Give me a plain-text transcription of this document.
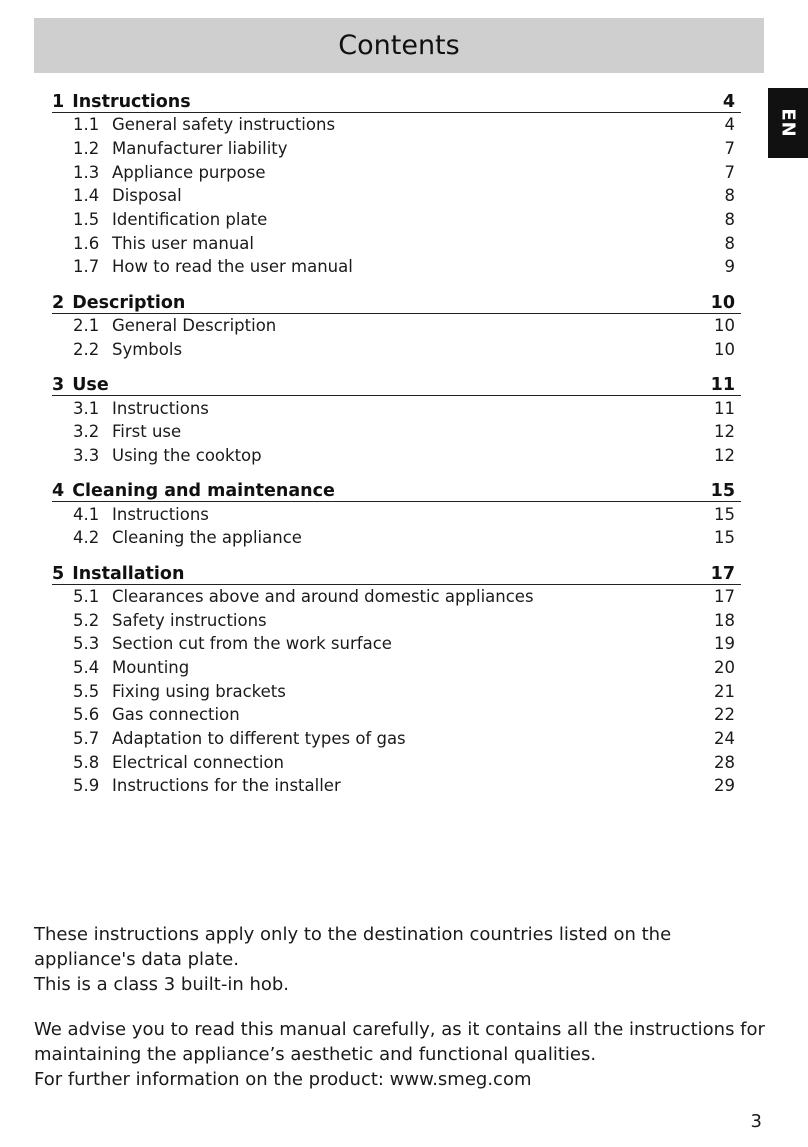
Contents
EN
1 Instructions	4
1.1 General safety instructions	4
1.2 Manufacturer liability	7
1.3 Appliance purpose	7
1.4 Disposal	8
1.5 Identification plate	8
1.6 This user manual	8
1.7 How to read the user manual	9
2 Description	10
2.1 General Description	10
2.2 Symbols	10
3 Use	11
3.1 Instructions	11
3.2 First use	12
3.3 Using the cooktop	12
4 Cleaning and maintenance	15
4.1 Instructions	15
4.2 Cleaning the appliance	15
5 Installation	17
5.1 Clearances above and around domestic appliances	17
5.2 Safety instructions	18
5.3 Section cut from the work surface	19
5.4 Mounting	20
5.5 Fixing using brackets	21
5.6 Gas connection	22
5.7 Adaptation to different types of gas	24
5.8 Electrical connection	28
5.9 Instructions for the installer	29

These instructions apply only to the destination countries listed on the appliance's data plate.

This is a class 3 built-in hob.

We advise you to read this manual carefully, as it contains all the instructions for maintaining the appliance’s aesthetic and functional qualities.

For further information on the product: www.smeg.com

3
